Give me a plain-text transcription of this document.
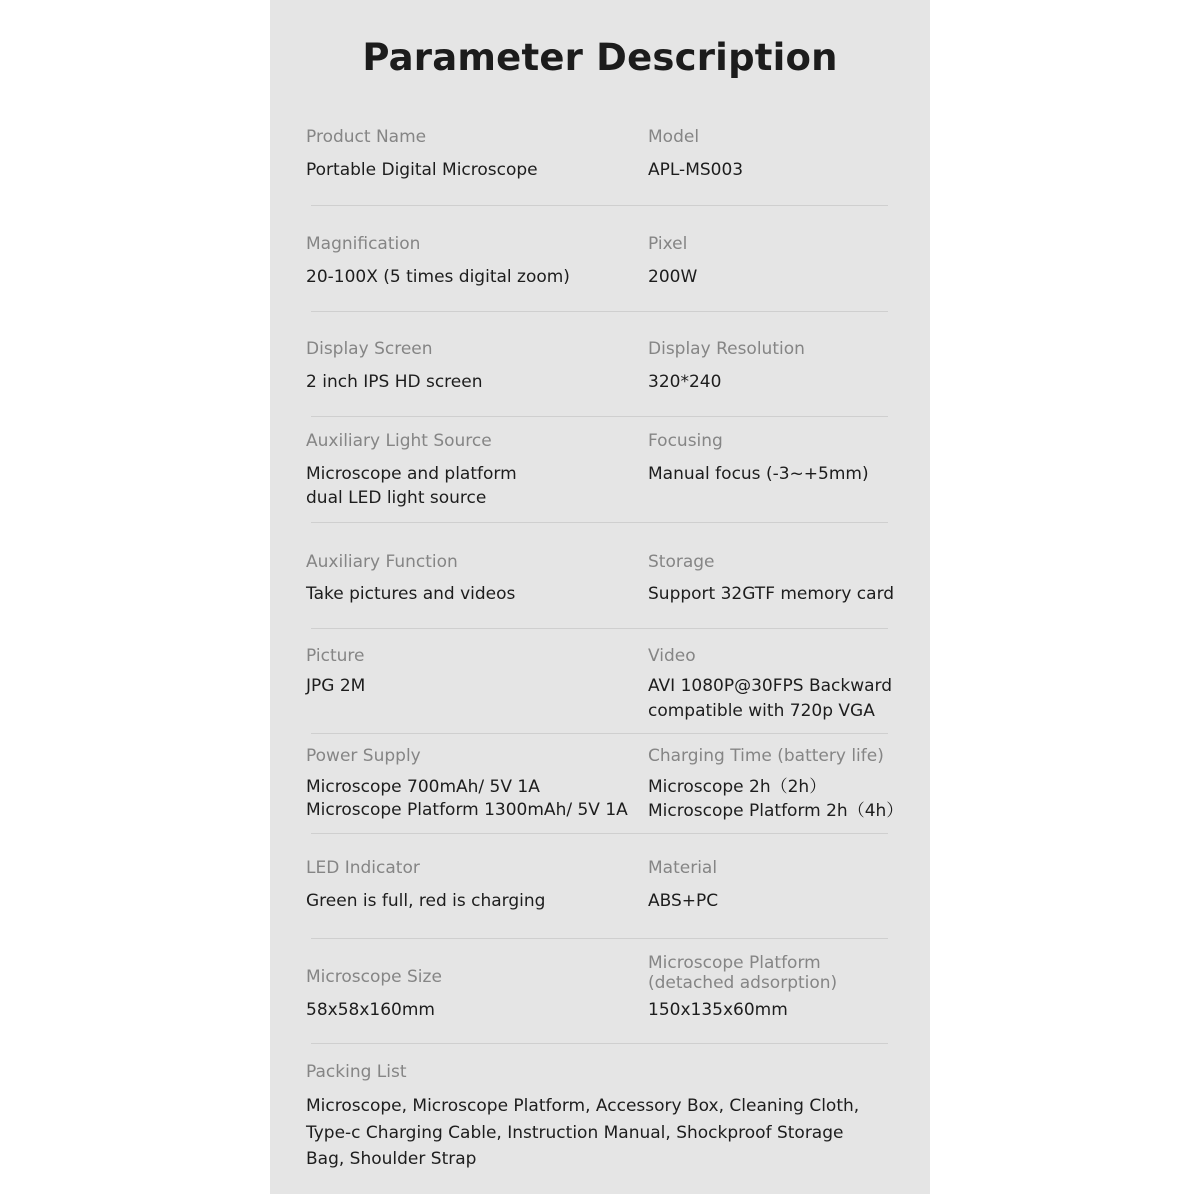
Parameter Description
Product Name
Portable Digital Microscope
Model
APL-MS003
Magnification
20-100X (5 times digital zoom)
Pixel
200W
Display Screen
2 inch IPS HD screen
Display Resolution
320*240
Auxiliary Light Source
Microscope and platform
dual LED light source
Focusing
Manual focus (-3~+5mm)
Auxiliary Function
Take pictures and videos
Storage
Support 32GTF memory card
Picture
JPG 2M
Video
AVI 1080P@30FPS Backward
compatible with 720p VGA
Power Supply
Microscope 700mAh/ 5V 1A
Microscope Platform 1300mAh/ 5V 1A
Charging Time (battery life)
Microscope 2h（2h）
Microscope Platform 2h（4h）
LED Indicator
Green is full, red is charging
Material
ABS+PC
Microscope Size
58x58x160mm
Microscope Platform
(detached adsorption)
150x135x60mm
Packing List
Microscope, Microscope Platform, Accessory Box, Cleaning Cloth,
Type-c Charging Cable, Instruction Manual, Shockproof Storage
Bag, Shoulder Strap
